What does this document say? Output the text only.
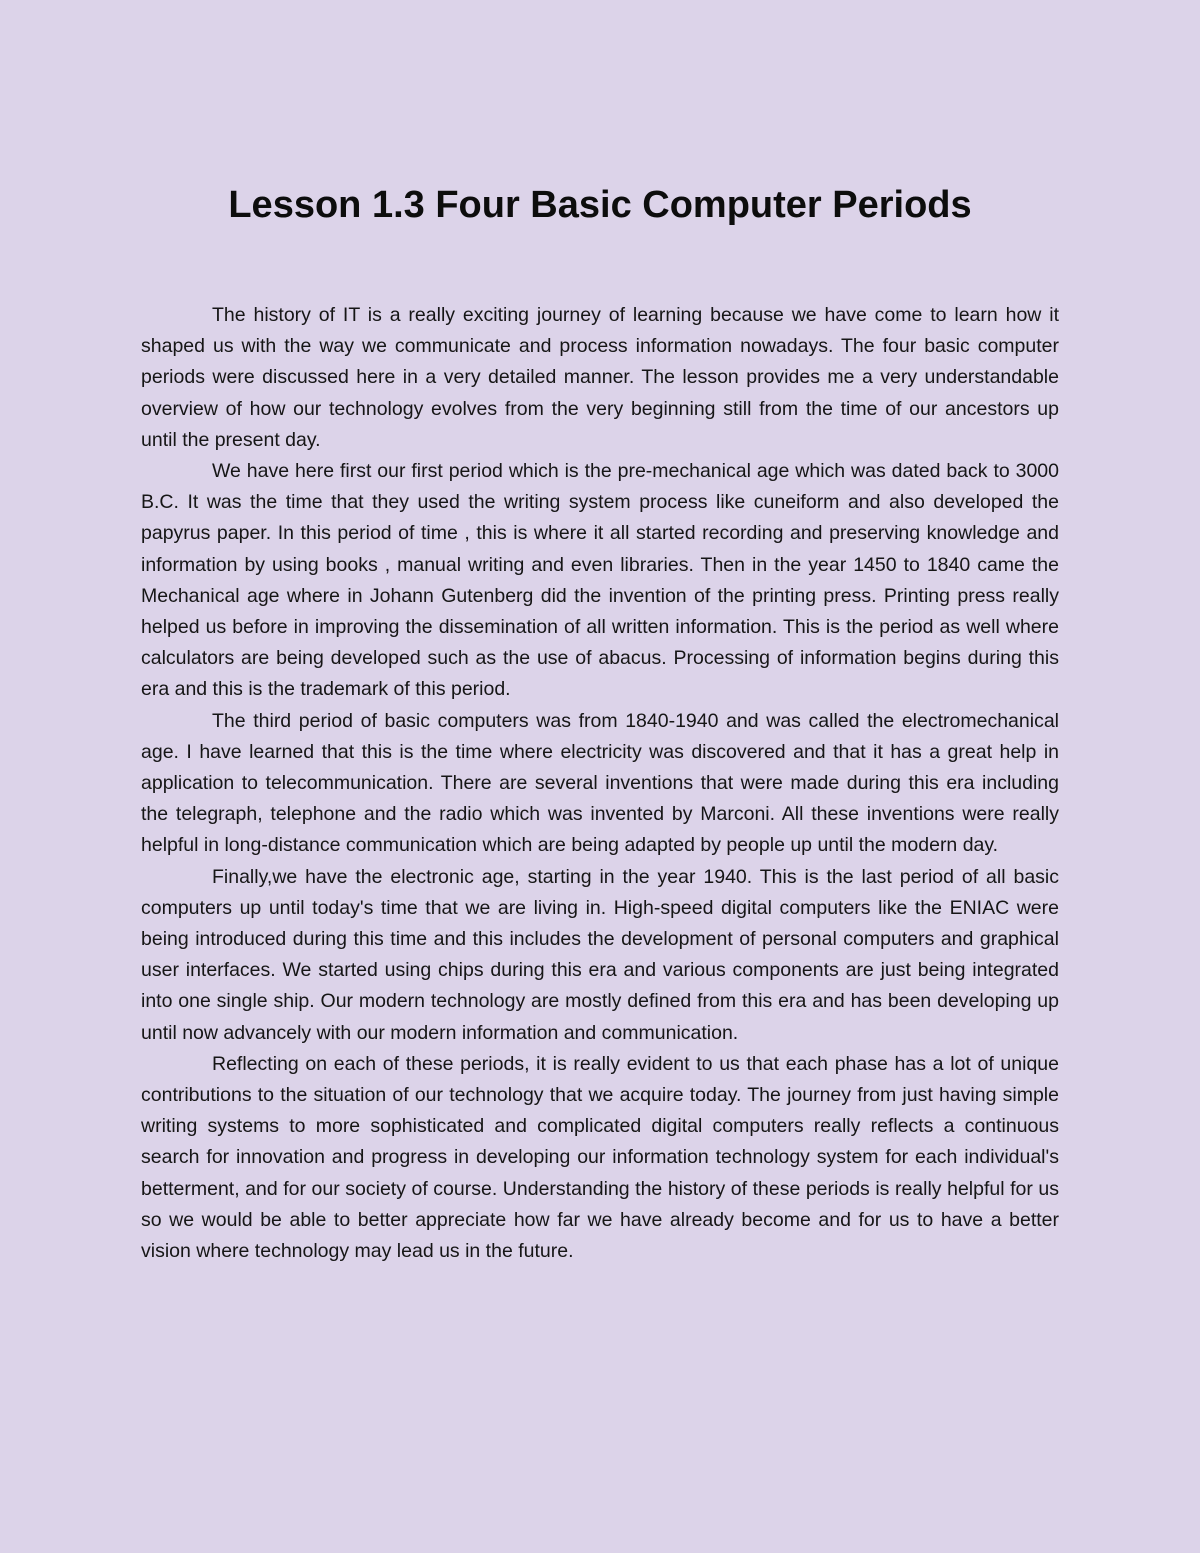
Lesson 1.3 Four Basic Computer Periods

The history of IT is a really exciting journey of learning because we have come to learn how it shaped us with the way we communicate and process information nowadays. The four basic computer periods were discussed here in a very detailed manner. The lesson provides me a very understandable overview of how our technology evolves from the very beginning still from the time of our ancestors up until the present day.

We have here first our first period which is the pre-mechanical age which was dated back to 3000 B.C. It was the time that they used the writing system process like cuneiform and also developed the papyrus paper. In this period of time , this is where it all started recording and preserving knowledge and information by using books , manual writing and even libraries. Then in the year 1450 to 1840 came the Mechanical age where in Johann Gutenberg did the invention of the printing press. Printing press really helped us before in improving the dissemination of all written information. This is the period as well where calculators are being developed such as the use of abacus. Processing of information begins during this era and this is the trademark of this period.

The third period of basic computers was from 1840-1940 and was called the electromechanical age. I have learned that this is the time where electricity was discovered and that it has a great help in application to telecommunication. There are several inventions that were made during this era including the telegraph, telephone and the radio which was invented by Marconi. All these inventions were really helpful in long-distance communication which are being adapted by people up until the modern day.

Finally,we have the electronic age, starting in the year 1940. This is the last period of all basic computers up until today's time that we are living in. High-speed digital computers like the ENIAC were being introduced during this time and this includes the development of personal computers and graphical user interfaces. We started using chips during this era and various components are just being integrated into one single ship. Our modern technology are mostly defined from this era and has been developing up until now advancely with our modern information and communication.

Reflecting on each of these periods, it is really evident to us that each phase has a lot of unique contributions to the situation of our technology that we acquire today. The journey from just having simple writing systems to more sophisticated and complicated digital computers really reflects a continuous search for innovation and progress in developing our information technology system for each individual's betterment, and for our society of course. Understanding the history of these periods is really helpful for us so we would be able to better appreciate how far we have already become and for us to have a better vision where technology may lead us in the future.
